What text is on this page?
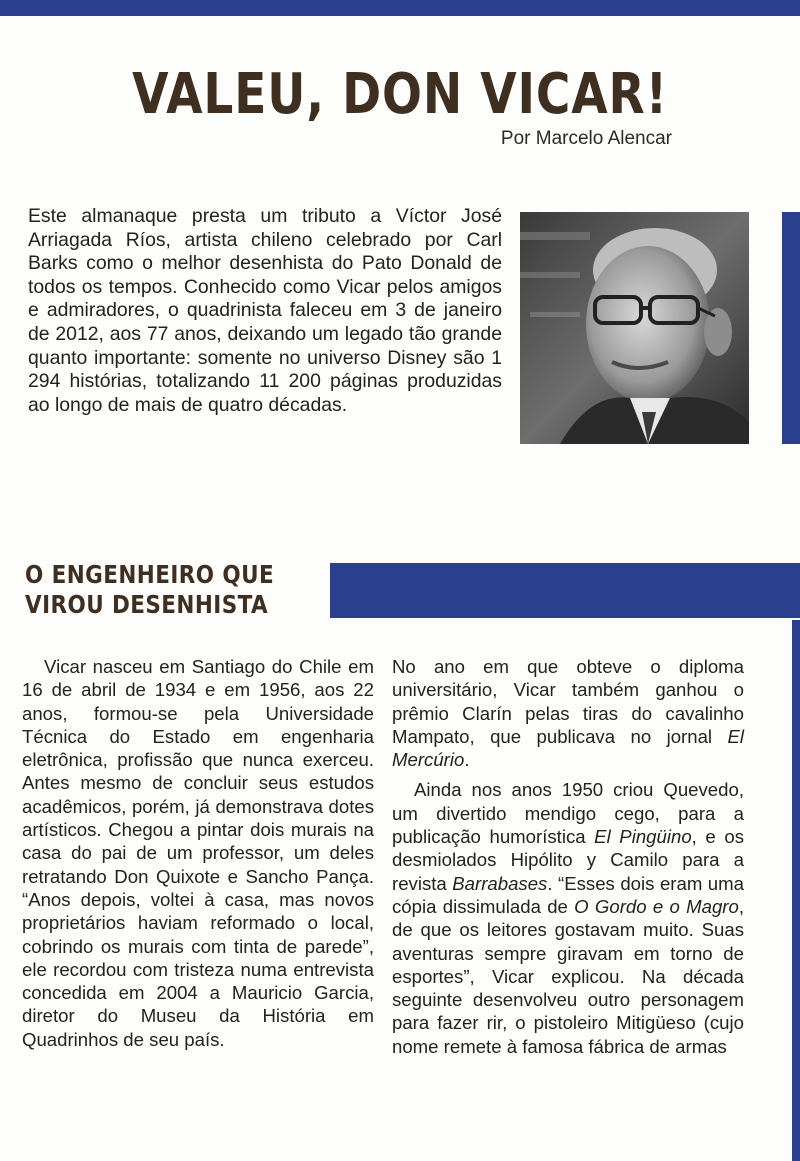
VALEU, DON VICAR!
Por Marcelo Alencar

Este almanaque presta um tributo a Víctor José Arriagada Ríos, artista chileno celebrado por Carl Barks como o melhor desenhista do Pato Donald de todos os tempos. Conhecido como Vicar pelos amigos e admiradores, o quadrinista faleceu em 3 de janeiro de 2012, aos 77 anos, deixando um legado tão grande quanto importante: somente no universo Disney são 1 294 histórias, totalizando 11 200 páginas produzidas ao longo de mais de quatro décadas.

O ENGENHEIRO QUE
VIROU DESENHISTA

Vicar nasceu em Santiago do Chile em 16 de abril de 1934 e em 1956, aos 22 anos, formou-se pela Universidade Técnica do Estado em engenharia eletrônica, profissão que nunca exerceu. Antes mesmo de concluir seus estudos acadêmicos, porém, já demonstrava dotes artísticos. Chegou a pintar dois murais na casa do pai de um professor, um deles retratando Don Quixote e Sancho Pança. “Anos depois, voltei à casa, mas novos proprietários haviam reformado o local, cobrindo os murais com tinta de parede”, ele recordou com tristeza numa entrevista concedida em 2004 a Mauricio Garcia, diretor do Museu da História em Quadrinhos de seu país.

No ano em que obteve o diploma universitário, Vicar também ganhou o prêmio Clarín pelas tiras do cavalinho Mampato, que publicava no jornal El Mercúrio.

Ainda nos anos 1950 criou Quevedo, um divertido mendigo cego, para a publicação humorística El Pingüino, e os desmiolados Hipólito y Camilo para a revista Barrabases. “Esses dois eram uma cópia dissimulada de O Gordo e o Magro, de que os leitores gostavam muito. Suas aventuras sempre giravam em torno de esportes”, Vicar explicou. Na década seguinte desenvolveu outro personagem para fazer rir, o pistoleiro Mitigüeso (cujo nome remete à famosa fábrica de armas
